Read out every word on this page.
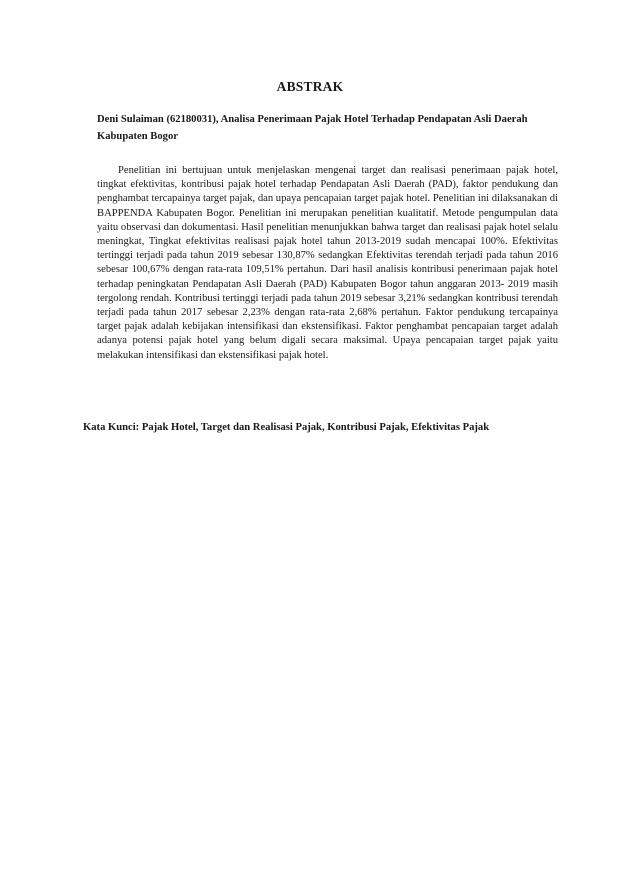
ABSTRAK
Deni Sulaiman (62180031), Analisa Penerimaan Pajak Hotel Terhadap Pendapatan Asli Daerah Kabupaten Bogor

Penelitian ini bertujuan untuk menjelaskan mengenai target dan realisasi penerimaan pajak hotel, tingkat efektivitas, kontribusi pajak hotel terhadap Pendapatan Asli Daerah (PAD), faktor pendukung dan penghambat tercapainya target pajak, dan upaya pencapaian target pajak hotel. Penelitian ini dilaksanakan di BAPPENDA Kabupaten Bogor. Penelitian ini merupakan penelitian kualitatif. Metode pengumpulan data yaitu observasi dan dokumentasi. Hasil penelitian menunjukkan bahwa target dan realisasi pajak hotel selalu meningkat, Tingkat efektivitas realisasi pajak hotel tahun 2013-2019 sudah mencapai 100%. Efektivitas tertinggi terjadi pada tahun 2019 sebesar 130,87% sedangkan Efektivitas terendah terjadi pada tahun 2016 sebesar 100,67% dengan rata-rata 109,51% pertahun. Dari hasil analisis kontribusi penerimaan pajak hotel terhadap peningkatan Pendapatan Asli Daerah (PAD) Kabupaten Bogor tahun anggaran 2013- 2019 masih tergolong rendah. Kontribusi tertinggi terjadi pada tahun 2019 sebesar 3,21% sedangkan kontribusi terendah terjadi pada tahun 2017 sebesar 2,23% dengan rata-rata 2,68% pertahun. Faktor pendukung tercapainya target pajak adalah kebijakan intensifikasi dan ekstensifikasi. Faktor penghambat pencapaian target adalah adanya potensi pajak hotel yang belum digali secara maksimal. Upaya pencapaian target pajak yaitu melakukan intensifikasi dan ekstensifikasi pajak hotel.

Kata Kunci: Pajak Hotel, Target dan Realisasi Pajak, Kontribusi Pajak, Efektivitas Pajak
